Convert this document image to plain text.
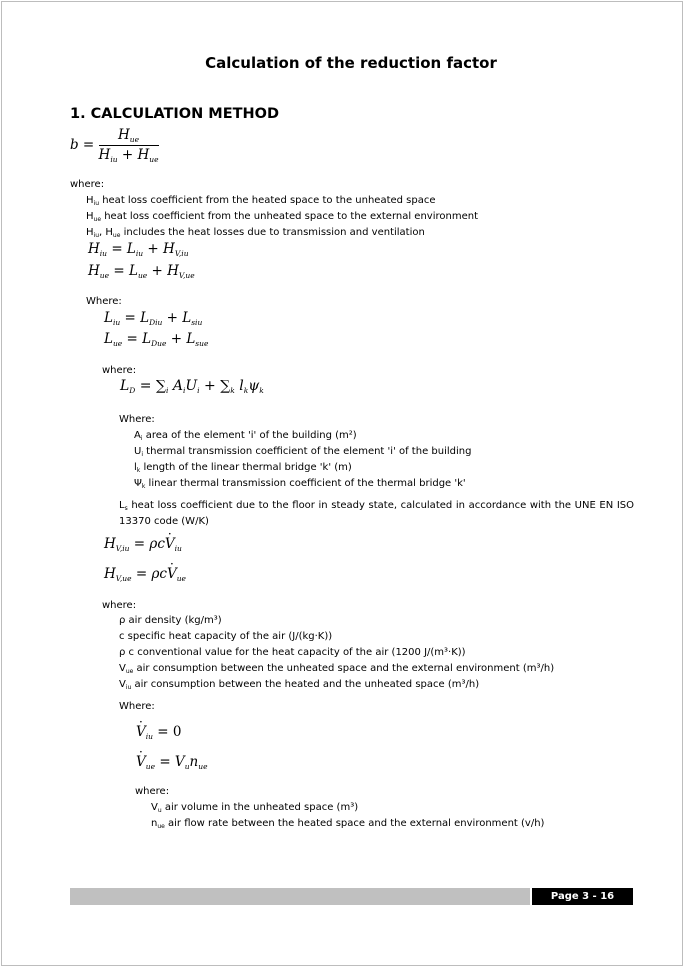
Calculation of the reduction factor
1. CALCULATION METHOD
$b = \frac{H_{ue}}{H_{iu} + H_{ue}}$
where:
$H_{iu}$ heat loss coefficient from the heated space to the unheated space
$H_{ue}$ heat loss coefficient from the unheated space to the external environment
$H_{iu}$, $H_{ue}$ includes the heat losses due to transmission and ventilation
$H_{iu} = L_{iu} + H_{V,iu}$
$H_{ue} = L_{ue} + H_{V,ue}$
Where:
$L_{iu} = L_{Diu} + L_{siu}$
$L_{ue} = L_{Due} + L_{sue}$
where:
$L_D = \sum_i$ $A_iU_i + \sum_k$ $l_k\psi_k$
Where:
$A_i$ area of the element 'i' of the building (m²)
$U_i$ thermal transmission coefficient of the element 'i' of the building
$l_k$ length of the linear thermal bridge 'k' (m)
$\Psi_k$ linear thermal transmission coefficient of the thermal bridge 'k'
$L_s$ heat loss coefficient due to the floor in steady state, calculated in accordance with the UNE EN ISO 13370 code (W/K)
$H_{V,iu} = \rho c\cdot V_{iu}$
$H_{V,ue} = \rho c\cdot V_{ue}$
where:
ρ air density (kg/m³)
c specific heat capacity of the air (J/(kg·K))
ρ c conventional value for the heat capacity of the air (1200 J/(m³·K))
$V_{ue}$ air consumption between the unheated space and the external environment (m³/h)
$V_{iu}$ air consumption between the heated and the unheated space (m³/h)
Where:
· $V_{iu} = 0$
· $V_{ue} = V_un_{ue}$
where:
$V_u$ air volume in the unheated space (m³)
$n_{ue}$ air flow rate between the heated space and the external environment (v/h)
Page 3 - 16
